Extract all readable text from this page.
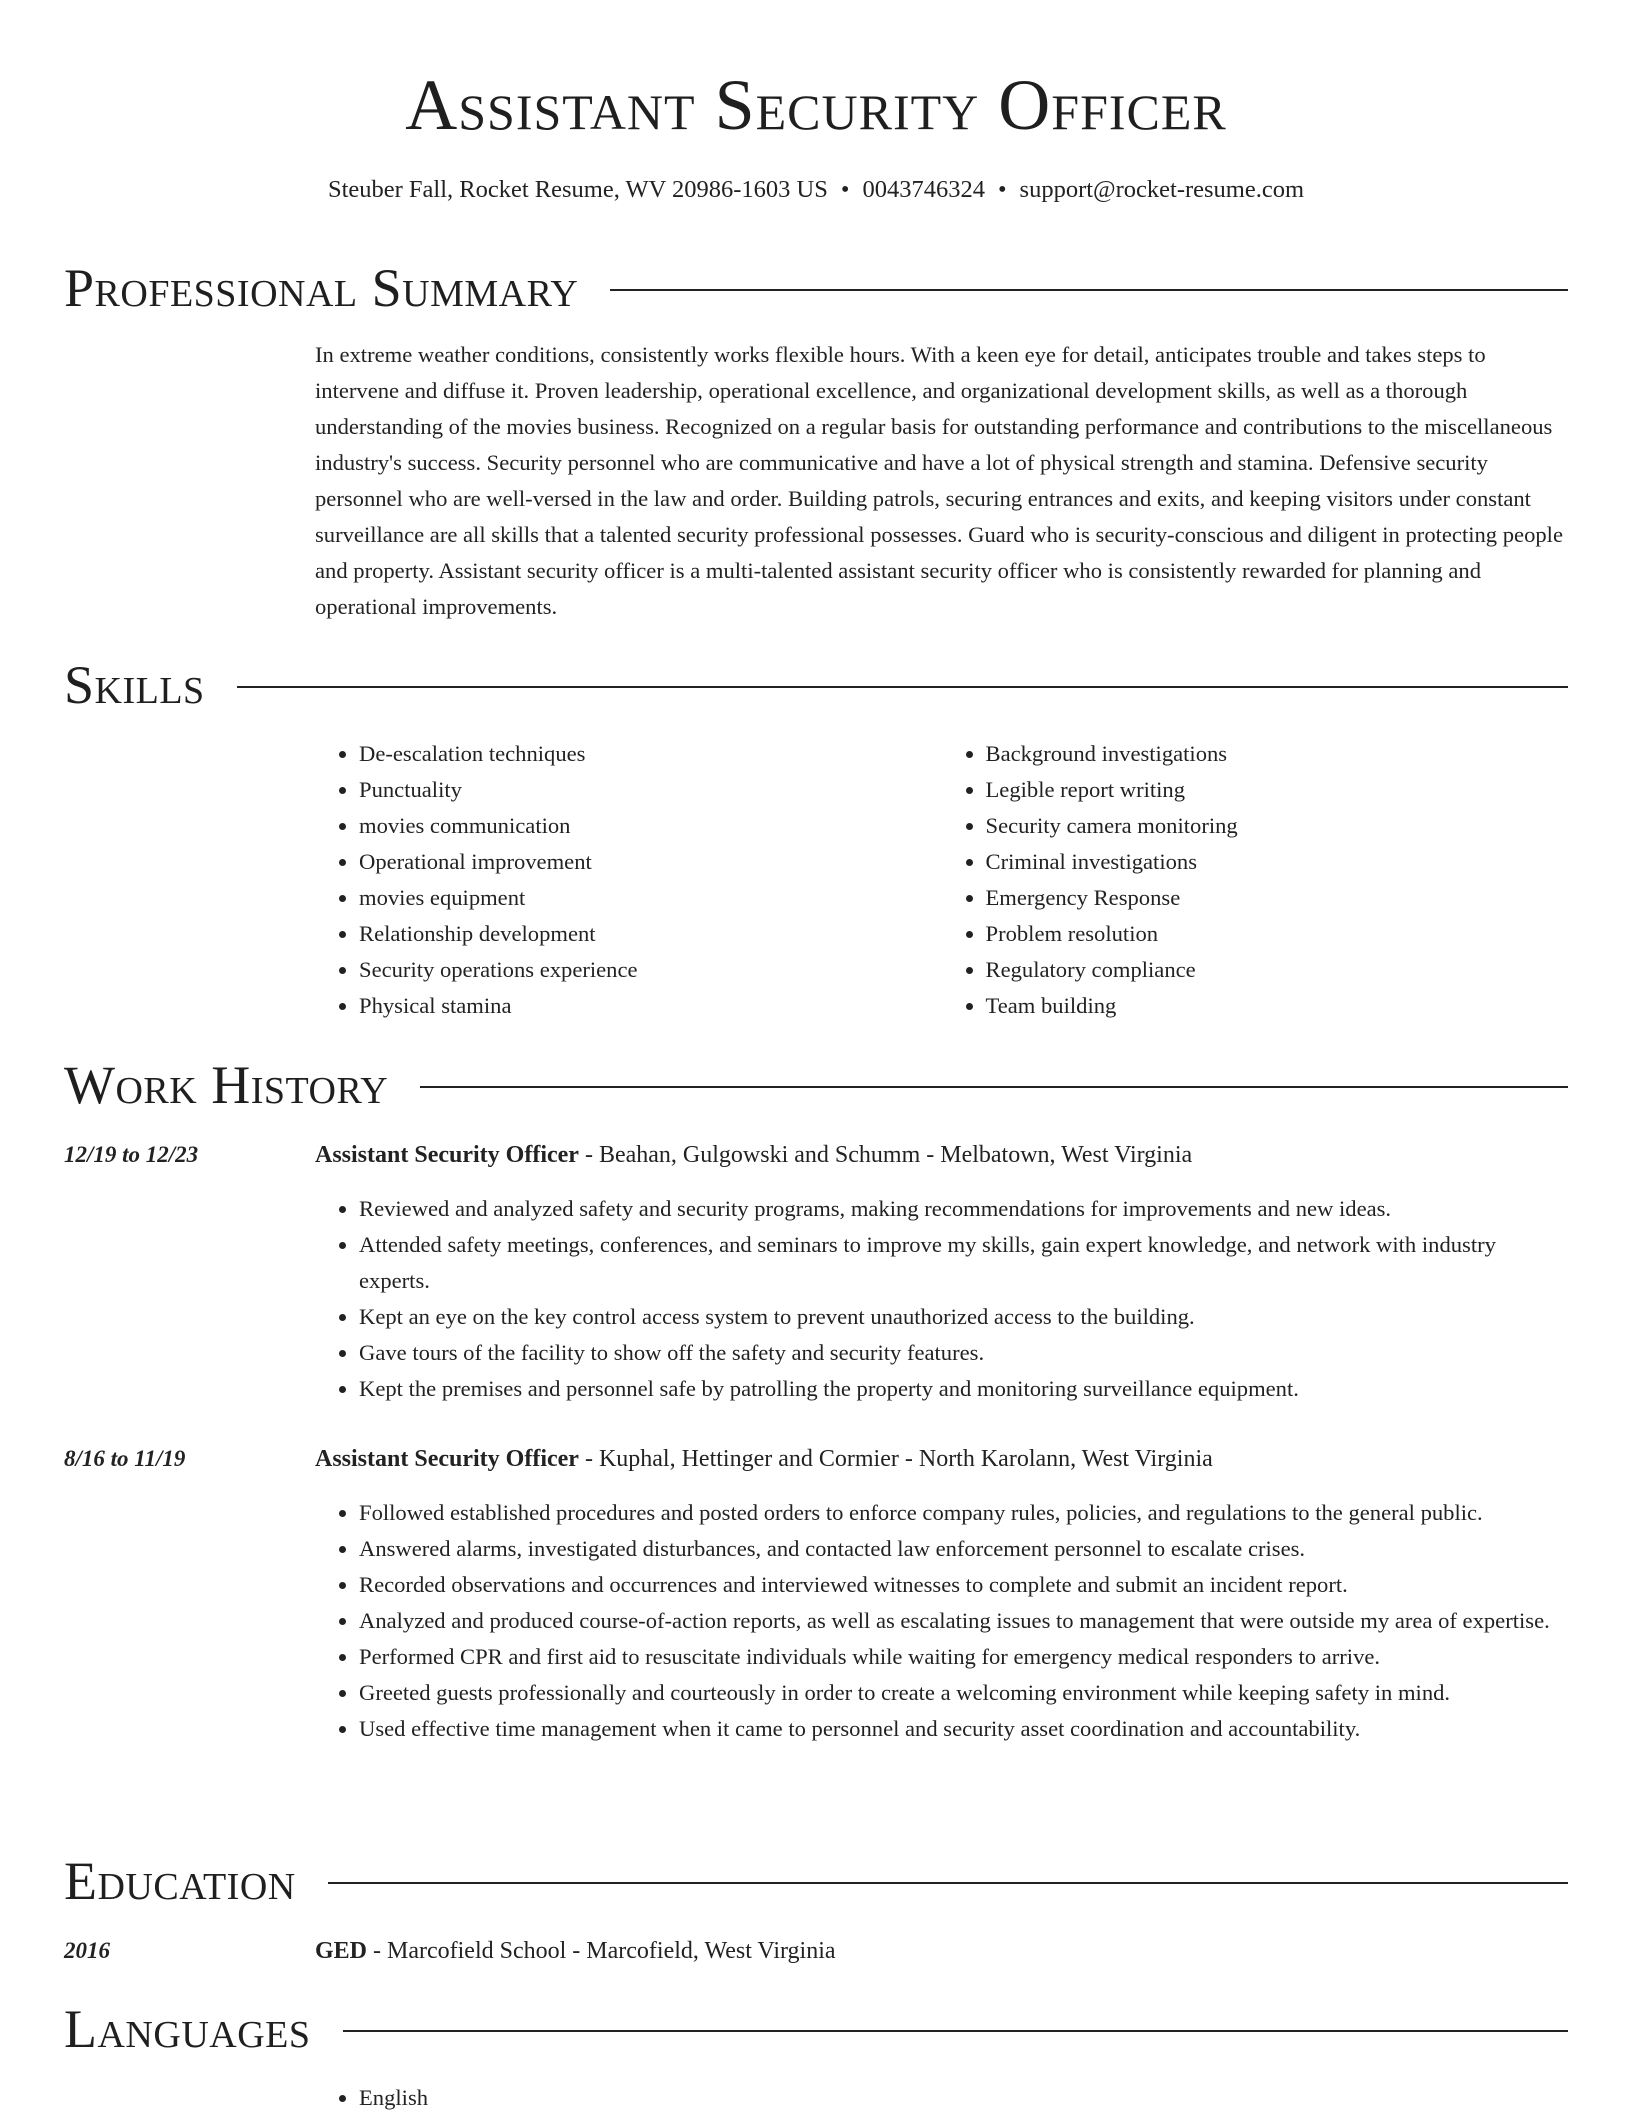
Assistant Security Officer
Steuber Fall, Rocket Resume, WV 20986-1603 US • 0043746324 • support@rocket-resume.com
Professional Summary

In extreme weather conditions, consistently works flexible hours. With a keen eye for detail, anticipates trouble and takes steps to intervene and diffuse it. Proven leadership, operational excellence, and organizational development skills, as well as a thorough understanding of the movies business. Recognized on a regular basis for outstanding performance and contributions to the miscellaneous industry's success. Security personnel who are communicative and have a lot of physical strength and stamina. Defensive security personnel who are well-versed in the law and order. Building patrols, securing entrances and exits, and keeping visitors under constant surveillance are all skills that a talented security professional possesses. Guard who is security-conscious and diligent in protecting people and property. Assistant security officer is a multi-talented assistant security officer who is consistently rewarded for planning and operational improvements.

Skills
• De-escalation techniques
• Punctuality
• movies communication
• Operational improvement
• movies equipment
• Relationship development
• Security operations experience
• Physical stamina
• Background investigations
• Legible report writing
• Security camera monitoring
• Criminal investigations
• Emergency Response
• Problem resolution
• Regulatory compliance
• Team building
Work History
12/19 to 12/23	Assistant Security Officer - Beahan, Gulgowski and Schumm - Melbatown, West Virginia
• Reviewed and analyzed safety and security programs, making recommendations for improvements and new ideas.
• Attended safety meetings, conferences, and seminars to improve my skills, gain expert knowledge, and network with industry experts.
• Kept an eye on the key control access system to prevent unauthorized access to the building.
• Gave tours of the facility to show off the safety and security features.
• Kept the premises and personnel safe by patrolling the property and monitoring surveillance equipment.
8/16 to 11/19	Assistant Security Officer - Kuphal, Hettinger and Cormier - North Karolann, West Virginia
• Followed established procedures and posted orders to enforce company rules, policies, and regulations to the general public.
• Answered alarms, investigated disturbances, and contacted law enforcement personnel to escalate crises.
• Recorded observations and occurrences and interviewed witnesses to complete and submit an incident report.
• Analyzed and produced course-of-action reports, as well as escalating issues to management that were outside my area of expertise.
• Performed CPR and first aid to resuscitate individuals while waiting for emergency medical responders to arrive.
• Greeted guests professionally and courteously in order to create a welcoming environment while keeping safety in mind.
• Used effective time management when it came to personnel and security asset coordination and accountability.
Education
2016	GED - Marcofield School - Marcofield, West Virginia
Languages
• English
